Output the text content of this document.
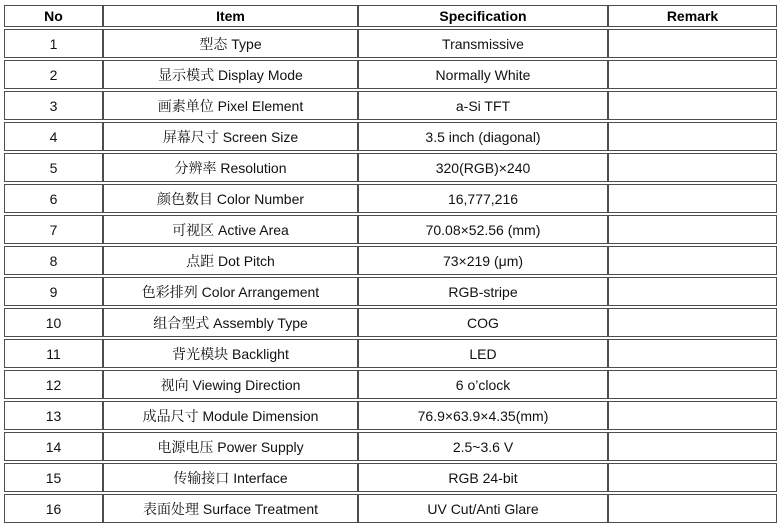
No	Item	Specification	Remark
1	型态 Type	Transmissive	
2	显示模式 Display Mode	Normally White	
3	画素单位 Pixel Element	a-Si TFT	
4	屏幕尺寸 Screen Size	3.5 inch (diagonal)	
5	分辨率 Resolution	320(RGB)×240	
6	颜色数目 Color Number	16,777,216	
7	可视区 Active Area	70.08×52.56 (mm)	
8	点距 Dot Pitch	73×219 (μm)	
9	色彩排列 Color Arrangement	RGB-stripe	
10	组合型式 Assembly Type	COG	
11	背光模块 Backlight	LED	
12	视向 Viewing Direction	6 o’clock	
13	成品尺寸 Module Dimension	76.9×63.9×4.35(mm)	
14	电源电压 Power Supply	2.5~3.6 V	
15	传输接口 Interface	RGB 24-bit	
16	表面处理 Surface Treatment	UV Cut/Anti Glare	
